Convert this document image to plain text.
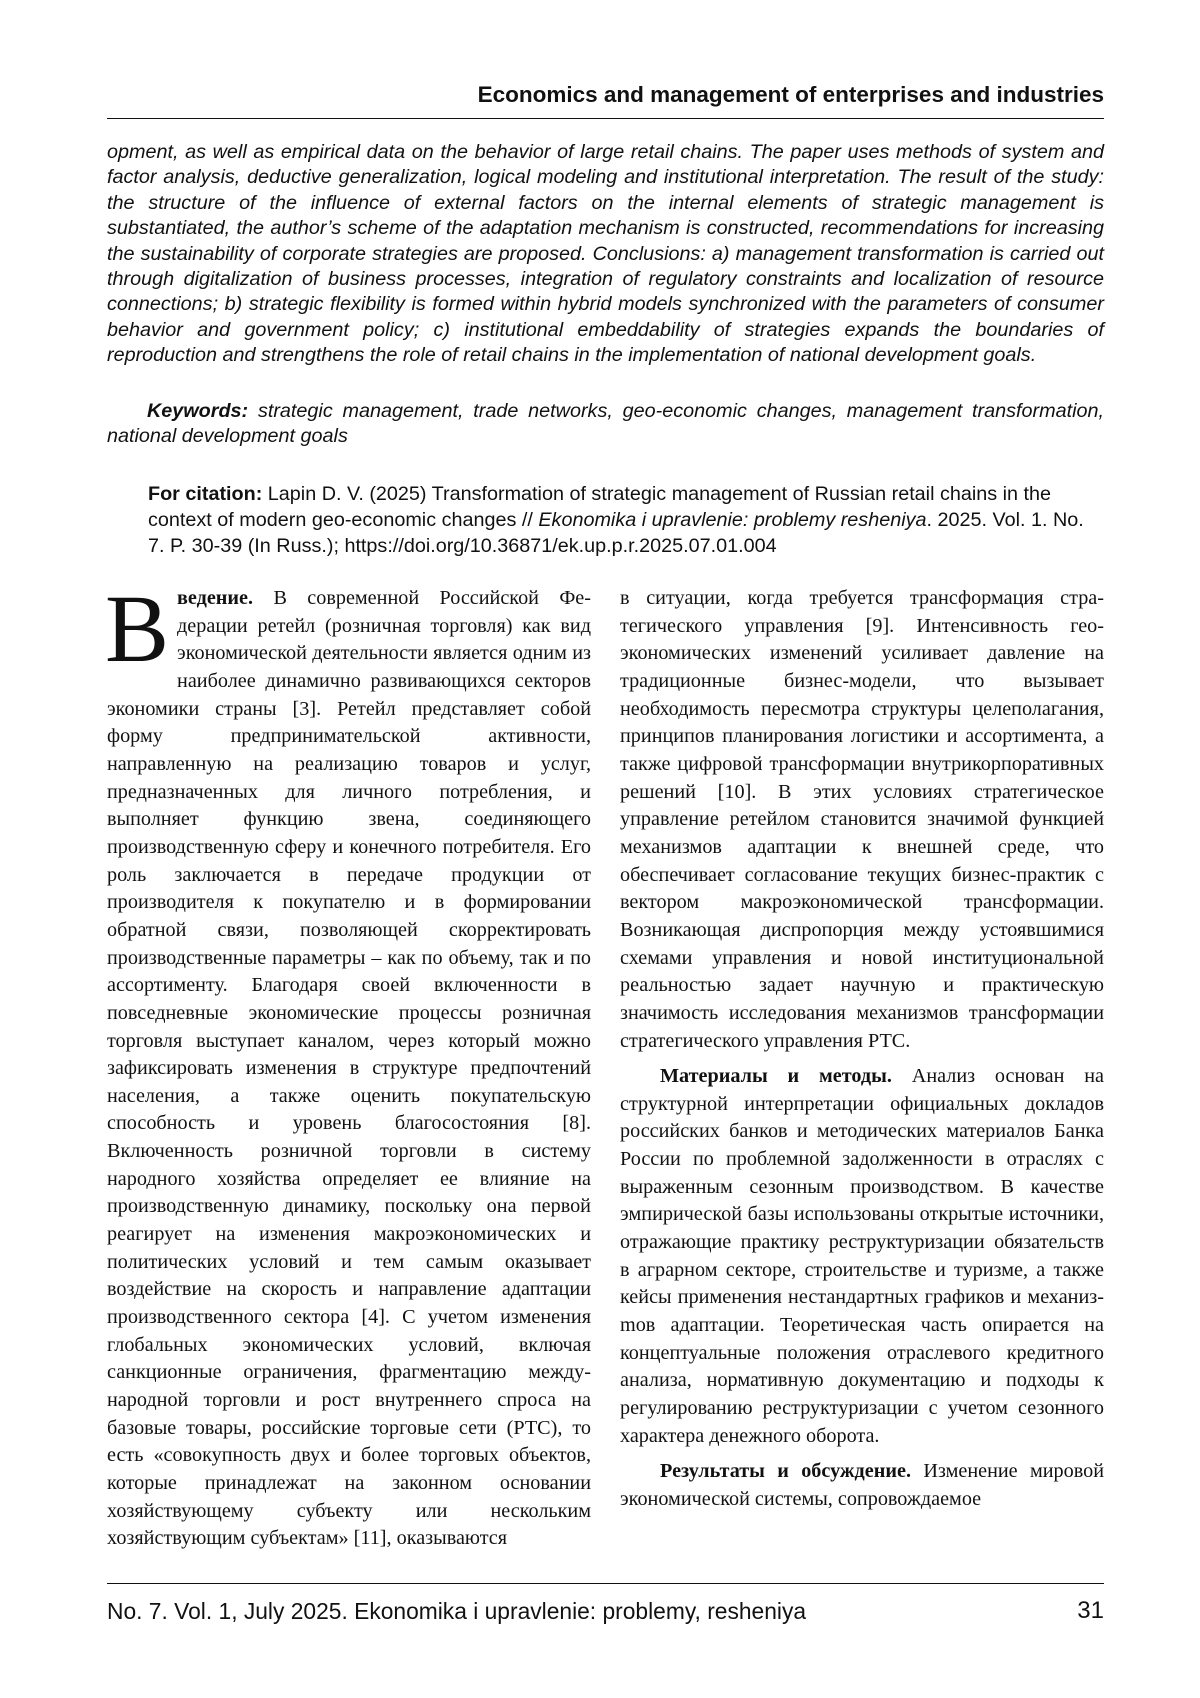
Economics and management of enterprises and industries

opment, as well as empirical data on the behavior of large retail chains. The paper uses methods of system and factor analysis, deductive generalization, logical modeling and institutional interpretation. The result of the study: the structure of the influence of external factors on the internal elements of strategic management is substantiated, the author’s scheme of the adaptation mechanism is constructed, recommendations for increasing the sustainability of corporate strategies are proposed. Conclusions: a) management transformation is carried out through digitalization of business processes, integration of regulatory constraints and localization of resource connections; b) strategic flexibility is formed within hybrid models synchronized with the parameters of consumer behavior and government policy; c) institutional embeddability of strategies expands the boundaries of reproduction and strengthens the role of retail chains in the implementation of national development goals.

Keywords: strategic management, trade networks, geo-economic changes, management transformation, national development goals

For citation: Lapin D. V. (2025) Transformation of strategic management of Russian retail chains in the context of modern geo-economic changes // Ekonomika i upravlenie: problemy resheniya. 2025. Vol. 1. No. 7. P. 30-39 (In Russ.); https://doi.org/10.36871/ek.up.p.r.2025.07.01.004

Введение. В современной Российской Федерации ретейл (розничная торговля) как вид экономической деятельности является одним из наиболее динамично развивающихся секторов экономики страны [3]. Ретейл представляет собой форму предпринимательской активности, направленную на реализацию товаров и услуг, предназначенных для личного потребления, и выполняет функцию звена, соединяющего производственную сферу и конечного потребителя. Его роль заключается в передаче продукции от производителя к покупателю и в формировании обратной связи, позволяющей скорректировать производственные параметры – как по объему, так и по ассортименту. Благодаря своей включенности в повседневные экономические процессы розничная торговля выступает каналом, через который можно зафиксировать изменения в структуре предпочтений населения, а также оценить покупательскую способность и уровень благосостояния [8]. Включенность розничной торговли в систему народного хозяйства определяет ее влияние на производственную динамику, поскольку она первой реагирует на изменения макроэкономических и политических условий и тем самым оказывает воздействие на скорость и направление адаптации производственного сектора [4]. С учетом изменения глобальных экономических условий, включая санкционные ограничения, фрагментацию международной торговли и рост внутреннего спроса на базовые товары, российские торговые сети (РТС), то есть «совокупность двух и более торговых объектов, которые принадлежат на законном основании хозяйствующему субъекту или нескольким хозяйствующим субъектам» [11], оказываются

в ситуации, когда требуется трансформация стратегического управления [9]. Интенсивность геоэкономических изменений усиливает давление на традиционные бизнес-модели, что вызывает необходимость пересмотра структуры целеполагания, принципов планирования логистики и ассортимента, а также цифровой трансформации внутрикорпоративных решений [10]. В этих условиях стратегическое управление ретейлом становится значимой функцией механизмов адаптации к внешней среде, что обеспечивает согласование текущих бизнес-практик с вектором макроэкономической трансформации. Возникающая диспропорция между устоявшимися схемами управления и новой институциональной реальностью задает научную и практическую значимость исследования механизмов трансформации стратегического управления РТС.

Материалы и методы. Анализ основан на структурной интерпретации официальных доклaдов российских банков и методических материалов Банка России по проблемной задолженности в отраслях с выраженным сезонным производством. В качестве эмпирической базы использованы открытые источники, отражающие практику реструктуризации обязательств в аграрном секторе, строительстве и туризме, а также кейсы применения нестандартных графиков и механизmов адаптации. Теоретическая часть опирается на концептуальные положения отраслевого кредитного анализа, нормативную документацию и подходы к регулированию реструктуризации с учетом сезонного характера денежного оборота.

Результаты и обсуждение. Изменение мировой экономической системы, сопровождаемое

No. 7. Vol. 1, July 2025. Ekonomika i upravlenie: problemy, resheniya	31
